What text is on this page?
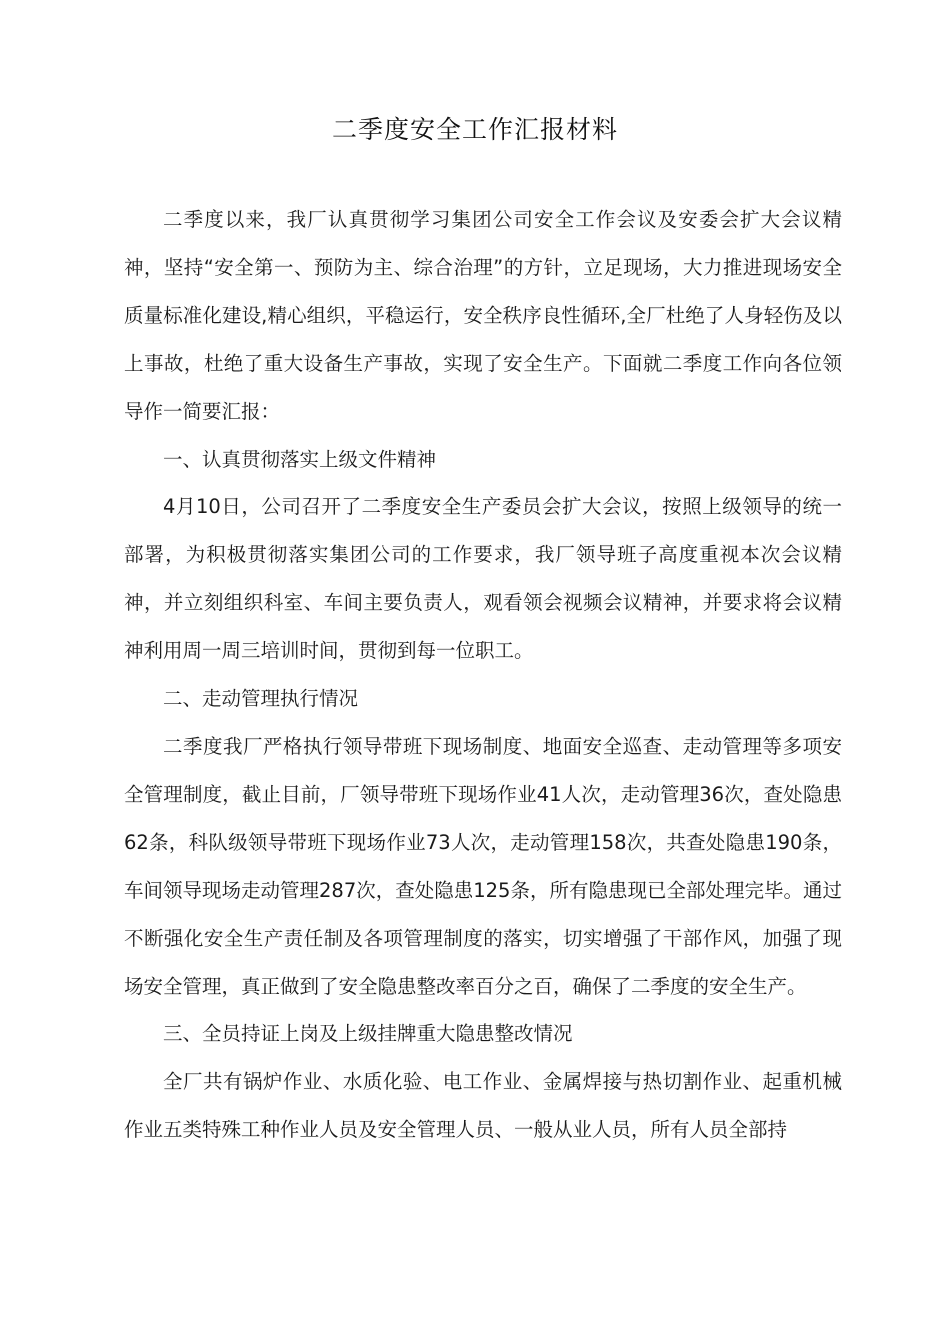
二季度安全工作汇报材料

二季度以来，我厂认真贯彻学习集团公司安全工作会议及安委会扩大会议精神，坚持“安全第一、预防为主、综合治理”的方针，立足现场，大力推进现场安全质量标准化建设,精心组织，平稳运行，安全秩序良性循环,全厂杜绝了人身轻伤及以上事故，杜绝了重大设备生产事故，实现了安全生产。下面就二季度工作向各位领导作一简要汇报：

一、认真贯彻落实上级文件精神

4月10日，公司召开了二季度安全生产委员会扩大会议，按照上级领导的统一部署，为积极贯彻落实集团公司的工作要求，我厂领导班子高度重视本次会议精神，并立刻组织科室、车间主要负责人，观看领会视频会议精神，并要求将会议精神利用周一周三培训时间，贯彻到每一位职工。

二、走动管理执行情况

二季度我厂严格执行领导带班下现场制度、地面安全巡查、走动管理等多项安全管理制度，截止目前，厂领导带班下现场作业41人次，走动管理36次，查处隐患62条，科队级领导带班下现场作业73人次，走动管理158次，共查处隐患190条，车间领导现场走动管理287次，查处隐患125条，所有隐患现已全部处理完毕。通过不断强化安全生产责任制及各项管理制度的落实，切实增强了干部作风，加强了现场安全管理，真正做到了安全隐患整改率百分之百，确保了二季度的安全生产。

三、全员持证上岗及上级挂牌重大隐患整改情况

全厂共有锅炉作业、水质化验、电工作业、金属焊接与热切割作业、起重机械作业五类特殊工种作业人员及安全管理人员、一般从业人员，所有人员全部持
